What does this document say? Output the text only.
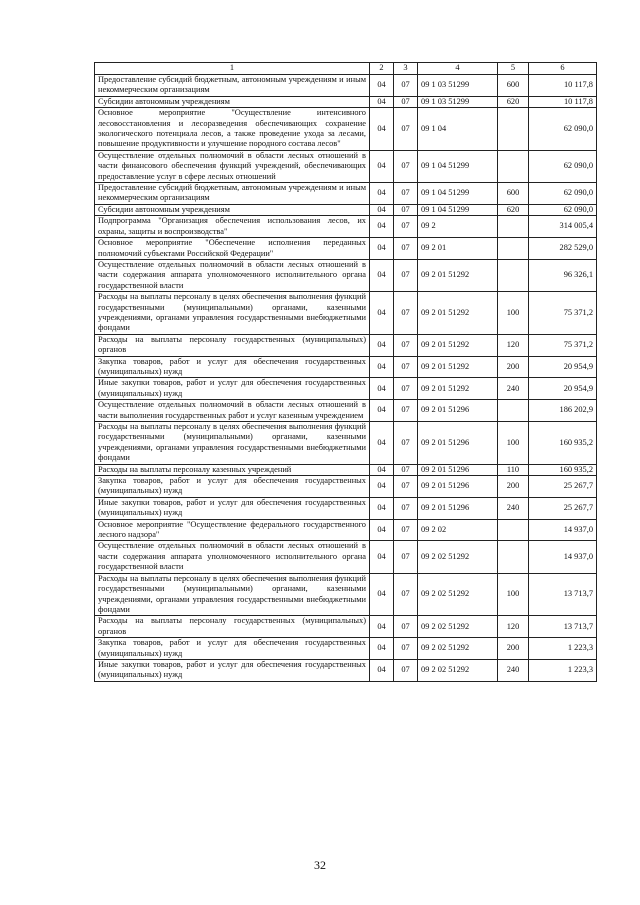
1	2	3	4	5	6
Предоставление субсидий бюджетным, автономным учреждениям и иным некоммерческим организациям	04	07	09 1 03 51299	600	10 117,8
Субсидии автономным учреждениям	04	07	09 1 03 51299	620	10 117,8
Основное мероприятие "Осуществление интенсивного лесовосстановления и лесоразведения обеспечивающих сохранение экологического потенциала лесов, а также проведение ухода за лесами, повышение продуктивности и улучшение породного состава лесов"	04	07	09 1 04		62 090,0
Осуществление отдельных полномочий в области лесных отношений в части финансового обеспечения функций учреждений, обеспечивающих предоставление услуг в сфере лесных отношений	04	07	09 1 04 51299		62 090,0
Предоставление субсидий бюджетным, автономным учреждениям и иным некоммерческим организациям	04	07	09 1 04 51299	600	62 090,0
Субсидии автономным учреждениям	04	07	09 1 04 51299	620	62 090,0
Подпрограмма "Организация обеспечения использования лесов, их охраны, защиты и воспроизводства"	04	07	09 2		314 005,4
Основное мероприятие "Обеспечение исполнения переданных полномочий субъектами Российской Федерации"	04	07	09 2 01		282 529,0
Осуществление отдельных полномочий в области лесных отношений в части содержания аппарата уполномоченного исполнительного органа государственной власти	04	07	09 2 01 51292		96 326,1
Расходы на выплаты персоналу в целях обеспечения выполнения функций государственными (муниципальными) органами, казенными учреждениями, органами управления государственными внебюджетными фондами	04	07	09 2 01 51292	100	75 371,2
Расходы на выплаты персоналу государственных (муниципальных) органов	04	07	09 2 01 51292	120	75 371,2
Закупка товаров, работ и услуг для обеспечения государственных (муниципальных) нужд	04	07	09 2 01 51292	200	20 954,9
Иные закупки товаров, работ и услуг для обеспечения государственных (муниципальных) нужд	04	07	09 2 01 51292	240	20 954,9
Осуществление отдельных полномочий в области лесных отношений в части выполнения государственных работ и услуг казенным учреждением	04	07	09 2 01 51296		186 202,9
Расходы на выплаты персоналу в целях обеспечения выполнения функций государственными (муниципальными) органами, казенными учреждениями, органами управления государственными внебюджетными фондами	04	07	09 2 01 51296	100	160 935,2
Расходы на выплаты персоналу казенных учреждений	04	07	09 2 01 51296	110	160 935,2
Закупка товаров, работ и услуг для обеспечения государственных (муниципальных) нужд	04	07	09 2 01 51296	200	25 267,7
Иные закупки товаров, работ и услуг для обеспечения государственных (муниципальных) нужд	04	07	09 2 01 51296	240	25 267,7
Основное мероприятие "Осуществление федерального государственного лесного надзора"	04	07	09 2 02		14 937,0
Осуществление отдельных полномочий в области лесных отношений в части содержания аппарата уполномоченного исполнительного органа государственной власти	04	07	09 2 02 51292		14 937,0
Расходы на выплаты персоналу в целях обеспечения выполнения функций государственными (муниципальными) органами, казенными учреждениями, органами управления государственными внебюджетными фондами	04	07	09 2 02 51292	100	13 713,7
Расходы на выплаты персоналу государственных (муниципальных) органов	04	07	09 2 02 51292	120	13 713,7
Закупка товаров, работ и услуг для обеспечения государственных (муниципальных) нужд	04	07	09 2 02 51292	200	1 223,3
Иные закупки товаров, работ и услуг для обеспечения государственных (муниципальных) нужд	04	07	09 2 02 51292	240	1 223,3
32
